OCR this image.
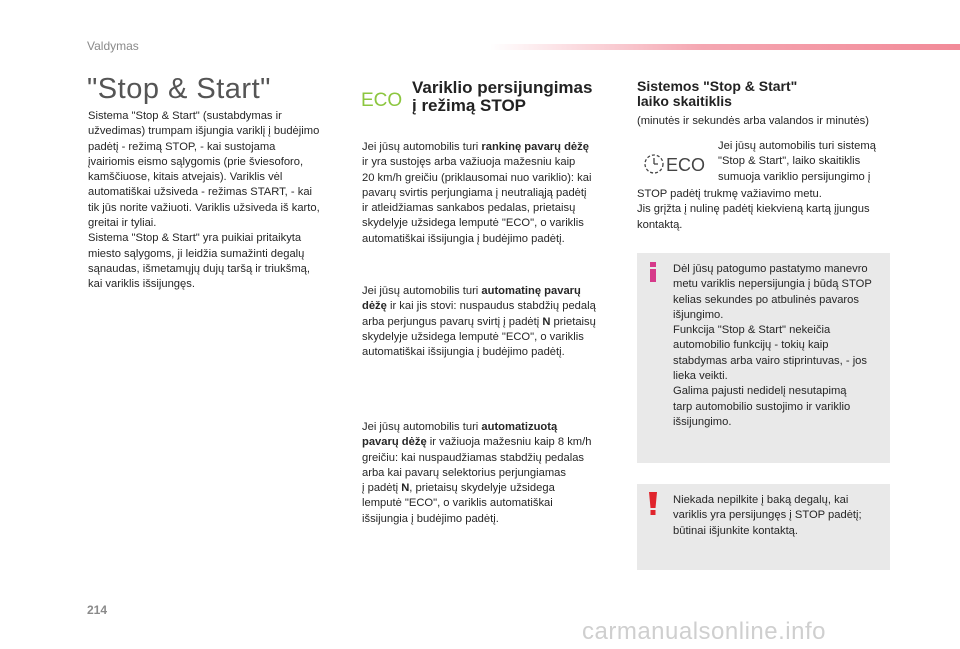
Valdymas
"Stop & Start"
Sistema "Stop & Start" (sustabdymas ir
užvedimas) trumpam išjungia variklį į budėjimo
padėtį - režimą STOP, - kai sustojama
įvairiomis eismo sąlygomis (prie šviesoforo,
kamščiuose, kitais atvejais). Variklis vėl
automatiškai užsiveda - režimas START, - kai
tik jūs norite važiuoti. Variklis užsiveda iš karto,
greitai ir tyliai.
Sistema "Stop & Start" yra puikiai pritaikyta
miesto sąlygoms, ji leidžia sumažinti degalų
sąnaudas, išmetamųjų dujų taršą ir triukšmą,
kai variklis išsijungęs.
ECO
Variklio persijungimas
į režimą STOP
Jei jūsų automobilis turi rankinę pavarų dėžę
ir yra sustojęs arba važiuoja mažesniu kaip
20 km/h greičiu (priklausomai nuo variklio): kai
pavarų svirtis perjungiama į neutraliąją padėtį
ir atleidžiamas sankabos pedalas, prietaisų
skydelyje užsidega lemputė "ECO", o variklis
automatiškai išsijungia į budėjimo padėtį.
Jei jūsų automobilis turi automatinę pavarų
dėžę ir kai jis stovi: nuspaudus stabdžių pedalą
arba perjungus pavarų svirtį į padėtį N prietaisų
skydelyje užsidega lemputė "ECO", o variklis
automatiškai išsijungia į budėjimo padėtį.
Jei jūsų automobilis turi automatizuotą
pavarų dėžę ir važiuoja mažesniu kaip 8 km/h
greičiu: kai nuspaudžiamas stabdžių pedalas
arba kai pavarų selektorius perjungiamas
į padėtį N, prietaisų skydelyje užsidega
lemputė "ECO", o variklis automatiškai
išsijungia į budėjimo padėtį.
Sistemos "Stop & Start"
laiko skaitiklis
(minutės ir sekundės arba valandos ir minutės)
ECO
Jei jūsų automobilis turi sistemą
"Stop & Start", laiko skaitiklis
sumuoja variklio persijungimo į
STOP padėtį trukmę važiavimo metu.
Jis grįžta į nulinę padėtį kiekvieną kartą įjungus
kontaktą.
Dėl jūsų patogumo pastatymo manevro
metu variklis nepersijungia į būdą STOP
kelias sekundes po atbulinės pavaros
išjungimo.
Funkcija "Stop & Start" nekeičia
automobilio funkcijų - tokių kaip
stabdymas arba vairo stiprintuvas, - jos
lieka veikti.
Galima pajusti nedidelį nesutapimą
tarp automobilio sustojimo ir variklio
išsijungimo.
Niekada nepilkite į baką degalų, kai
variklis yra persijungęs į STOP padėtį;
būtinai išjunkite kontaktą.
214
carmanualsonline.info
